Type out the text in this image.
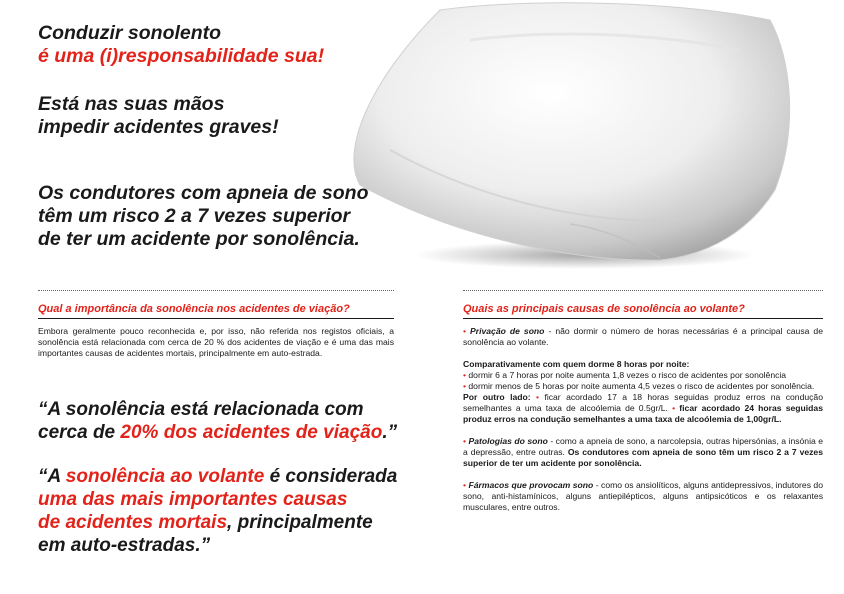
Conduzir sonolento
é uma (i)responsabilidade sua!
Está nas suas mãos
impedir acidentes graves!
Os condutores com apneia de sono
têm um risco 2 a 7 vezes superior
de ter um acidente por sonolência.

Qual a importância da sonolência nos acidentes de viação?

Embora geralmente pouco reconhecida e, por isso, não referida nos registos oficiais, a sonolência está relacionada com cerca de 20 % dos acidentes de viação e é uma das mais importantes causas de acidentes mortais, principalmente em auto-estrada.

“A sonolência está relacionada com
cerca de 20% dos acidentes de viação.”
“A sonolência ao volante é considerada
uma das mais importantes causas
de acidentes mortais, principalmente
em auto-estradas.”

Quais as principais causas de sonolência ao volante?

• Privação de sono - não dormir o número de horas necessárias é a principal causa de sonolência ao volante.

Comparativamente com quem dorme 8 horas por noite:

• dormir 6 a 7 horas por noite aumenta 1,8 vezes o risco de acidentes por sonolência

• dormir menos de 5 horas por noite aumenta 4,5 vezes o risco de acidentes por sonolência.

Por outro lado: • ficar acordado 17 a 18 horas seguidas produz erros na condução semelhantes a uma taxa de alcoólemia de 0.5gr/L. • ficar acordado 24 horas seguidas produz erros na condução semelhantes a uma taxa de alcoólemia de 1,00gr/L.

• Patologias do sono - como a apneia de sono, a narcolepsia, outras hipersónias, a insónia e a depressão, entre outras. Os condutores com apneia de sono têm um risco 2 a 7 vezes superior de ter um acidente por sonolência.

• Fármacos que provocam sono - como os ansiolíticos, alguns antidepressivos, indutores do sono, anti-histamínicos, alguns antiepilépticos, alguns antipsicóticos e os relaxantes musculares, entre outros.
